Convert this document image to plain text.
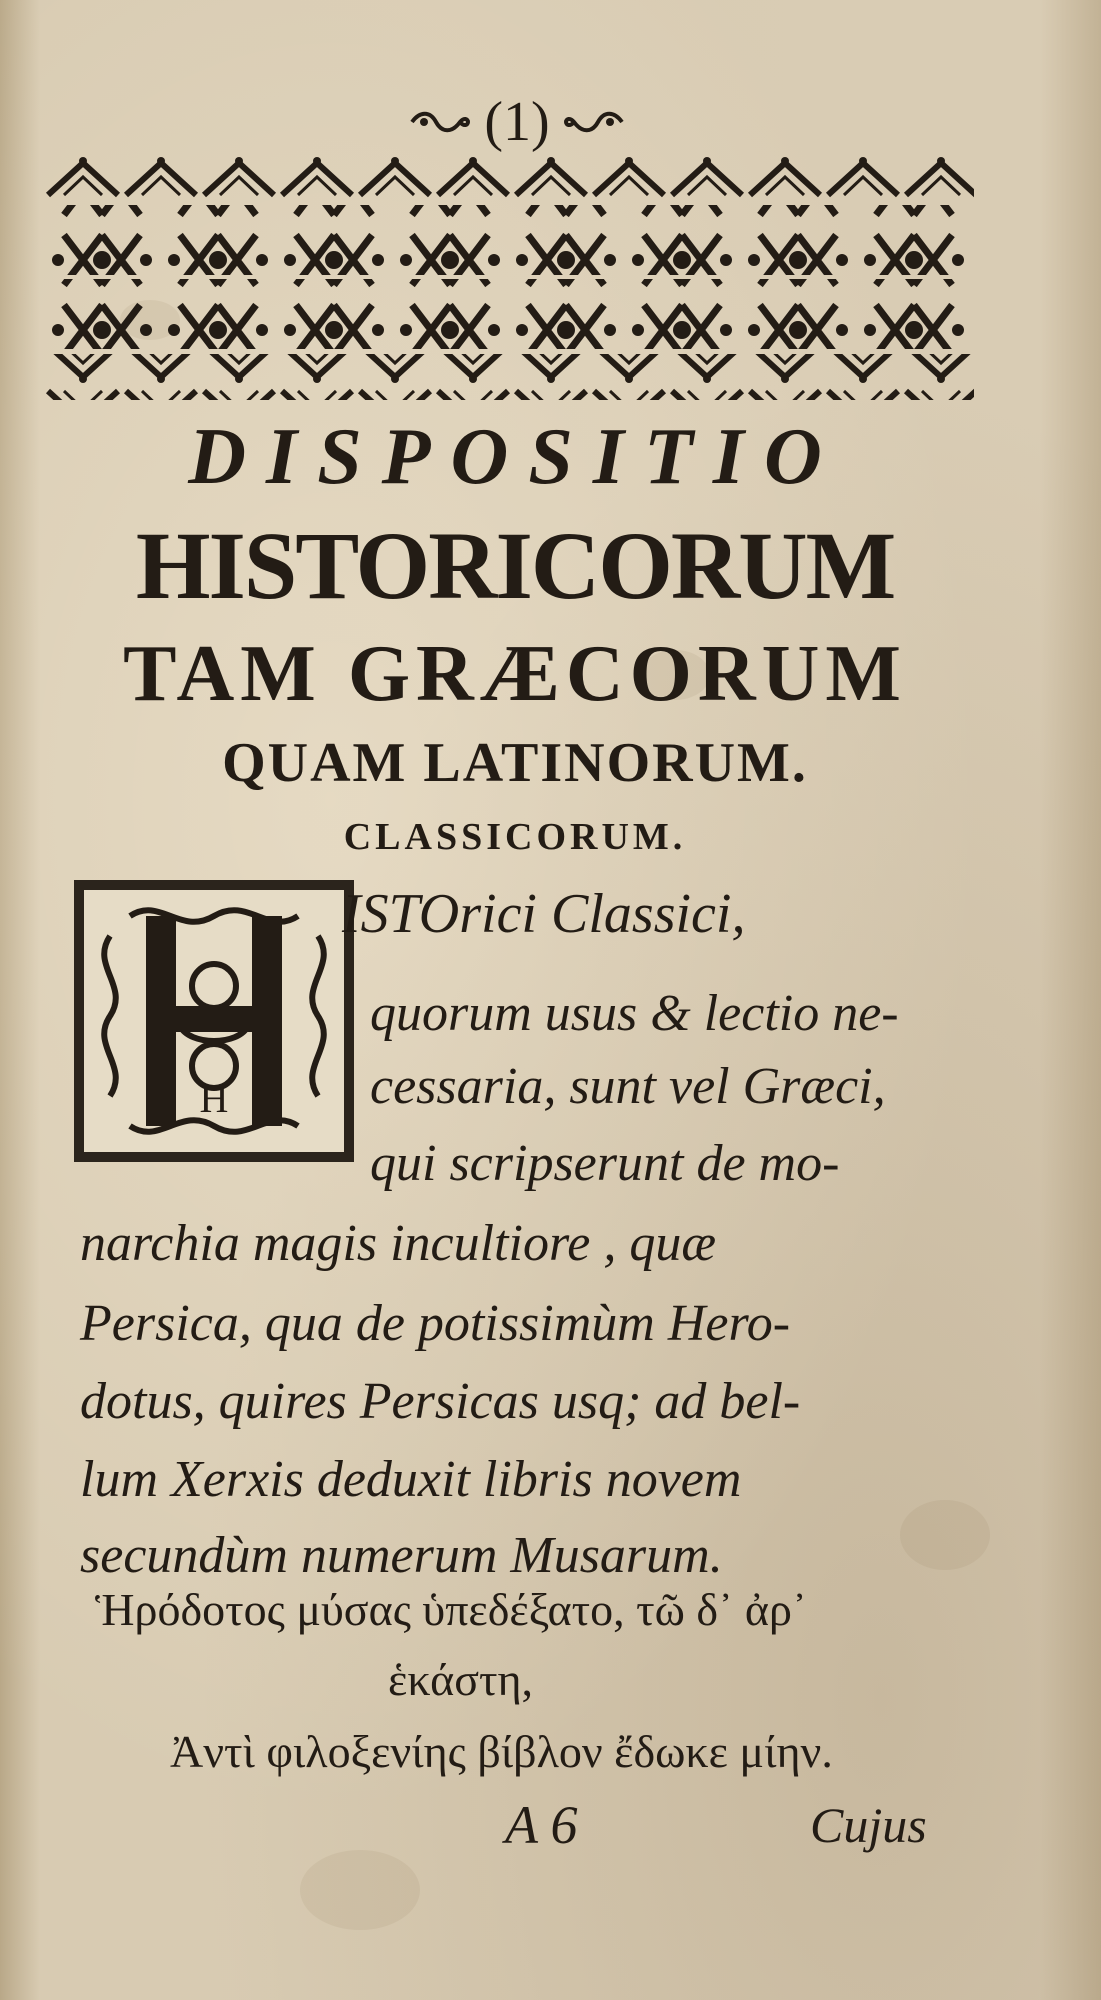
(1)
DISPOSITIO
HISTORICORUM
TAM GRÆCORUM
QUAM LATINORUM.
CLASSICORUM.
H

ISTOrici Classici,

quorum usus & lectio ne-

cessaria, sunt vel Græci,

qui scripserunt de mo-

narchia magis incultiore , quæ

Persica, qua de potissimùm Hero-

dotus, quires Persicas usq; ad bel-

lum Xerxis deduxit libris novem

secundùm numerum Musarum.

Ἡρόδοτος μύσας ὑπεδέξατο, τῶ δ᾽ ἀρ᾽

ἑκάστη,

Ἀντὶ φιλοξενίης βίβλον ἔδωκε μίην.

A 6	Cujus
